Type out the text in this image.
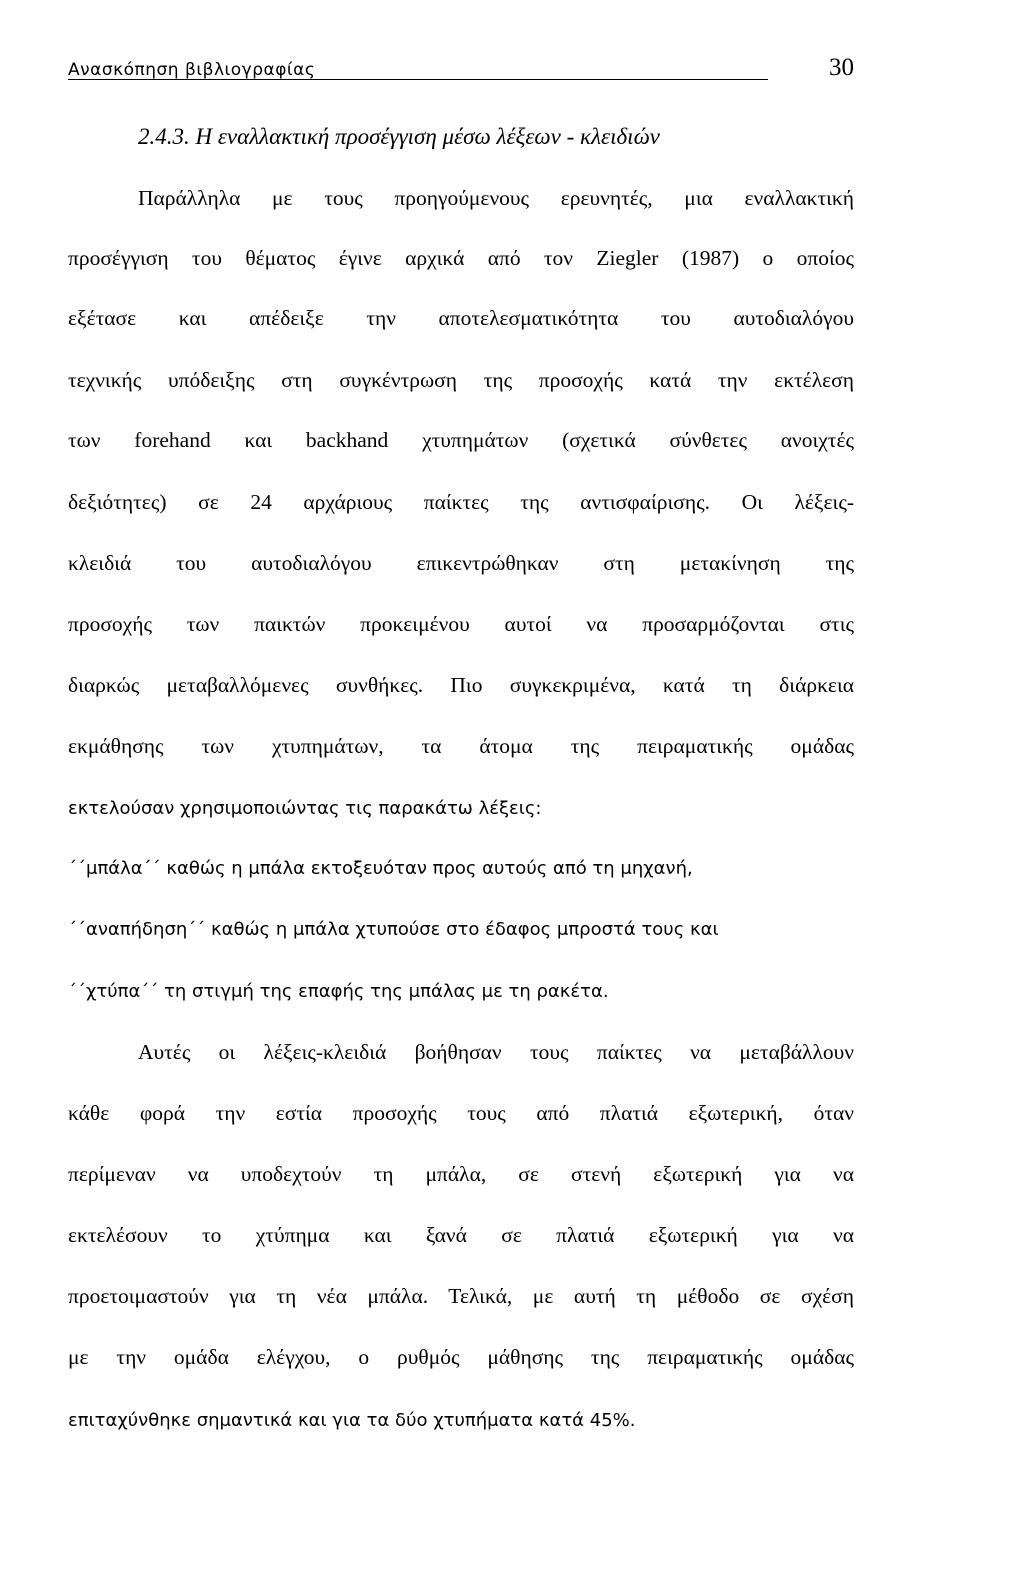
Ανασκόπηση βιβλιογραφίας	30
2.4.3. Η εναλλακτική προσέγγιση μέσω λέξεων - κλειδιών
Παράλληλα με τους προηγούμενους ερευνητές, μια εναλλακτική
προσέγγιση του θέματος έγινε αρχικά από τον Ziegler (1987) ο οποίος
εξέτασε και απέδειξε την αποτελεσματικότητα του αυτοδιαλόγου
τεχνικής υπόδειξης στη συγκέντρωση της προσοχής κατά την εκτέλεση
των forehand και backhand χτυπημάτων (σχετικά σύνθετες ανοιχτές
δεξιότητες) σε 24 αρχάριους παίκτες της αντισφαίρισης. Οι λέξεις-
κλειδιά του αυτοδιαλόγου επικεντρώθηκαν στη μετακίνηση της
προσοχής των παικτών προκειμένου αυτοί να προσαρμόζονται στις
διαρκώς μεταβαλλόμενες συνθήκες. Πιο συγκεκριμένα, κατά τη διάρκεια
εκμάθησης των χτυπημάτων, τα άτομα της πειραματικής ομάδας
εκτελούσαν χρησιμοποιώντας τις παρακάτω λέξεις:
΄΄μπάλα΄΄ καθώς η μπάλα εκτοξευόταν προς αυτούς από τη μηχανή,
΄΄αναπήδηση΄΄ καθώς η μπάλα χτυπούσε στο έδαφος μπροστά τους και
΄΄χτύπα΄΄ τη στιγμή της επαφής της μπάλας με τη ρακέτα.
Αυτές οι λέξεις-κλειδιά βοήθησαν τους παίκτες να μεταβάλλουν
κάθε φορά την εστία προσοχής τους από πλατιά εξωτερική, όταν
περίμεναν να υποδεχτούν τη μπάλα, σε στενή εξωτερική για να
εκτελέσουν το χτύπημα και ξανά σε πλατιά εξωτερική για να
προετοιμαστούν για τη νέα μπάλα. Τελικά, με αυτή τη μέθοδο σε σχέση
με την ομάδα ελέγχου, ο ρυθμός μάθησης της πειραματικής ομάδας
επιταχύνθηκε σημαντικά και για τα δύο χτυπήματα κατά 45%.
